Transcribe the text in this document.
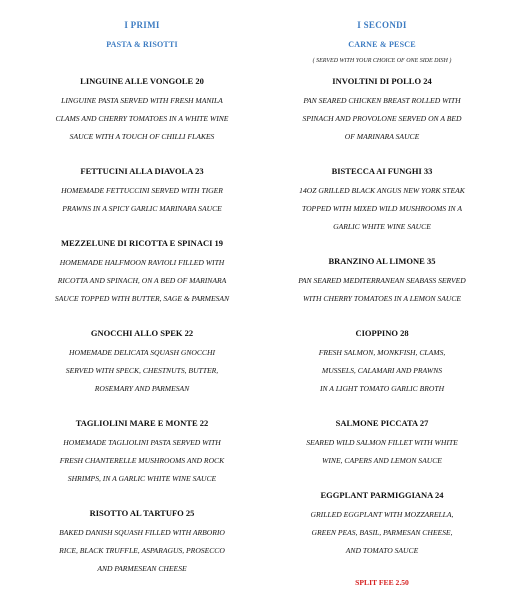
I PRIMI
PASTA & RISOTTI
LINGUINE ALLE VONGOLE 20
LINGUINE PASTA SERVED WITH FRESH MANILA
CLAMS AND CHERRY TOMATOES IN A WHITE WINE
SAUCE WITH A TOUCH OF CHILLI FLAKES
FETTUCINI ALLA DIAVOLA 23
HOMEMADE FETTUCCINI SERVED WITH TIGER
PRAWNS IN A SPICY GARLIC MARINARA SAUCE
MEZZELUNE DI RICOTTA E SPINACI 19
HOMEMADE HALFMOON RAVIOLI FILLED WITH
RICOTTA AND SPINACH, ON A BED OF MARINARA
SAUCE TOPPED WITH BUTTER, SAGE & PARMESAN
GNOCCHI ALLO SPEK 22
HOMEMADE DELICATA SQUASH GNOCCHI
SERVED WITH SPECK, CHESTNUTS, BUTTER,
ROSEMARY AND PARMESAN
TAGLIOLINI MARE E MONTE 22
HOMEMADE TAGLIOLINI PASTA SERVED WITH
FRESH CHANTERELLE MUSHROOMS AND ROCK
SHRIMPS, IN A GARLIC WHITE WINE SAUCE
RISOTTO AL TARTUFO 25
BAKED DANISH SQUASH FILLED WITH ARBORIO
RICE, BLACK TRUFFLE, ASPARAGUS, PROSECCO
AND PARMESEAN CHEESE
I SECONDI
CARNE & PESCE
( SERVED WITH YOUR CHOICE OF ONE SIDE DISH )
INVOLTINI DI POLLO 24
PAN SEARED CHICKEN BREAST ROLLED WITH
SPINACH AND PROVOLONE SERVED ON A BED
OF MARINARA SAUCE
BISTECCA AI FUNGHI 33
14OZ GRILLED BLACK ANGUS NEW YORK STEAK
TOPPED WITH MIXED WILD MUSHROOMS IN A
GARLIC WHITE WINE SAUCE
BRANZINO AL LIMONE 35
PAN SEARED MEDITERRANEAN SEABASS SERVED
WITH CHERRY TOMATOES IN A LEMON SAUCE
CIOPPINO 28
FRESH SALMON, MONKFISH, CLAMS,
MUSSELS, CALAMARI AND PRAWNS
IN A LIGHT TOMATO GARLIC BROTH
SALMONE PICCATA 27
SEARED WILD SALMON FILLET WITH WHITE
WINE, CAPERS AND LEMON SAUCE
EGGPLANT PARMIGGIANA 24
GRILLED EGGPLANT WITH MOZZARELLA,
GREEN PEAS, BASIL, PARMESAN CHEESE,
AND TOMATO SAUCE
SPLIT FEE 2.50
